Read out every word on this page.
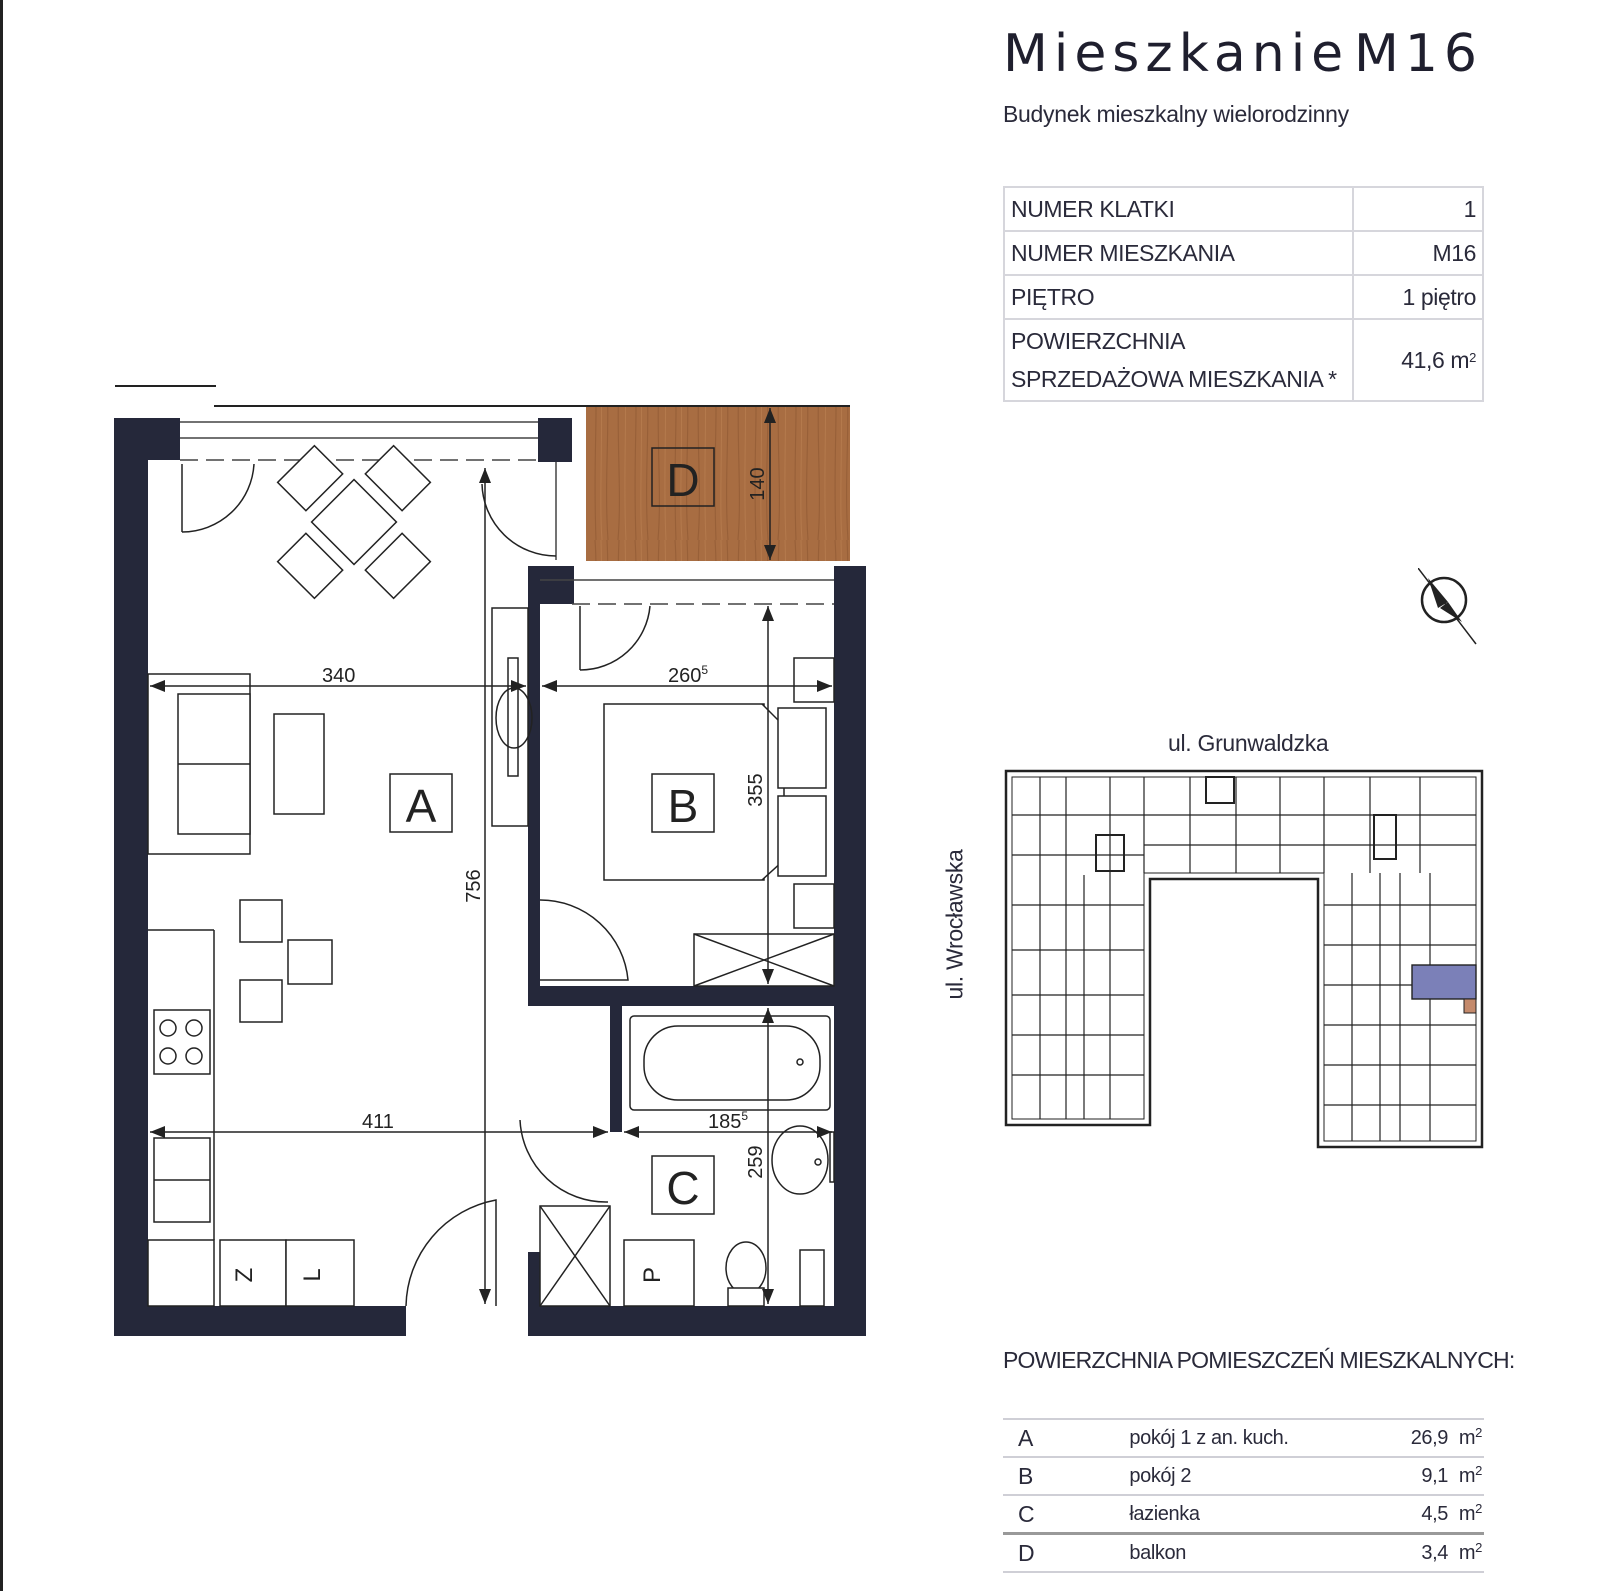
Mieszkanie M16
Budynek mieszkalny wielorodzinny
NUMER KLATKI	1
NUMER MIESZKANIA	M16
PIĘTRO	1 piętro
POWIERZCHNIA
SPRZEDAŻOWA MIESZKANIA *	41,6 $m^2$
340	$260^5$
411	$185^5$
756
355
259
140
A	B
C
D
Z L	P
ul. Grunwaldzka
ul. Wrocławska
POWIERZCHNIA POMIESZCZEŃ MIESZKALNYCH:
A	pokój 1 z an. kuch.	26,9	$m^2$
B	pokój 2	9,1	$m^2$
C	łazienka	4,5	$m^2$
D	balkon	3,4	$m^2$
